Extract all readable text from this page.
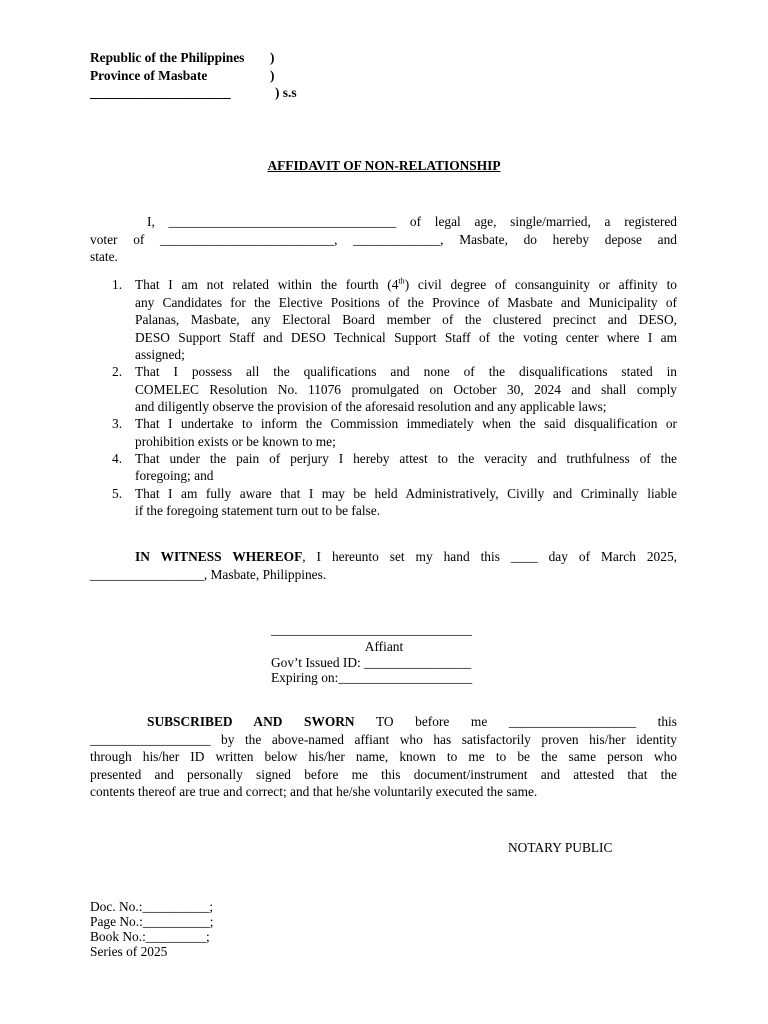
Republic of the Philippines )
Province of Masbate	)
_____________________	) s.s
AFFIDAVIT OF NON-RELATIONSHIP
I, __________________________________ of legal age, single/married, a registered
voter of __________________________, _____________, Masbate, do hereby depose and
state.
1. That I am not related within the fourth (4th) civil degree of consanguinity or affinity to
any Candidates for the Elective Positions of the Province of Masbate and Municipality of
Palanas, Masbate, any Electoral Board member of the clustered precinct and DESO,
DESO Support Staff and DESO Technical Support Staff of the voting center where I am
assigned;
2. That I possess all the qualifications and none of the disqualifications stated in
COMELEC Resolution No. 11076 promulgated on October 30, 2024 and shall comply
and diligently observe the provision of the aforesaid resolution and any applicable laws;
3. That I undertake to inform the Commission immediately when the said disqualification or
prohibition exists or be known to me;
4. That under the pain of perjury I hereby attest to the veracity and truthfulness of the
foregoing; and
5. That I am fully aware that I may be held Administratively, Civilly and Criminally liable
if the foregoing statement turn out to be false.
IN WITNESS WHEREOF, I hereunto set my hand this ____ day of March 2025,
_________________, Masbate, Philippines.
______________________________
Affiant
Gov’t Issued ID: ________________
Expiring on:____________________
SUBSCRIBED AND SWORN TO before me ___________________ this
__________________ by the above-named affiant who has satisfactorily proven his/her identity
through his/her ID written below his/her name, known to me to be the same person who
presented and personally signed before me this document/instrument and attested that the
contents thereof are true and correct; and that he/she voluntarily executed the same.
NOTARY PUBLIC
Doc. No.:__________;
Page No.:__________;
Book No.:_________;
Series of 2025
